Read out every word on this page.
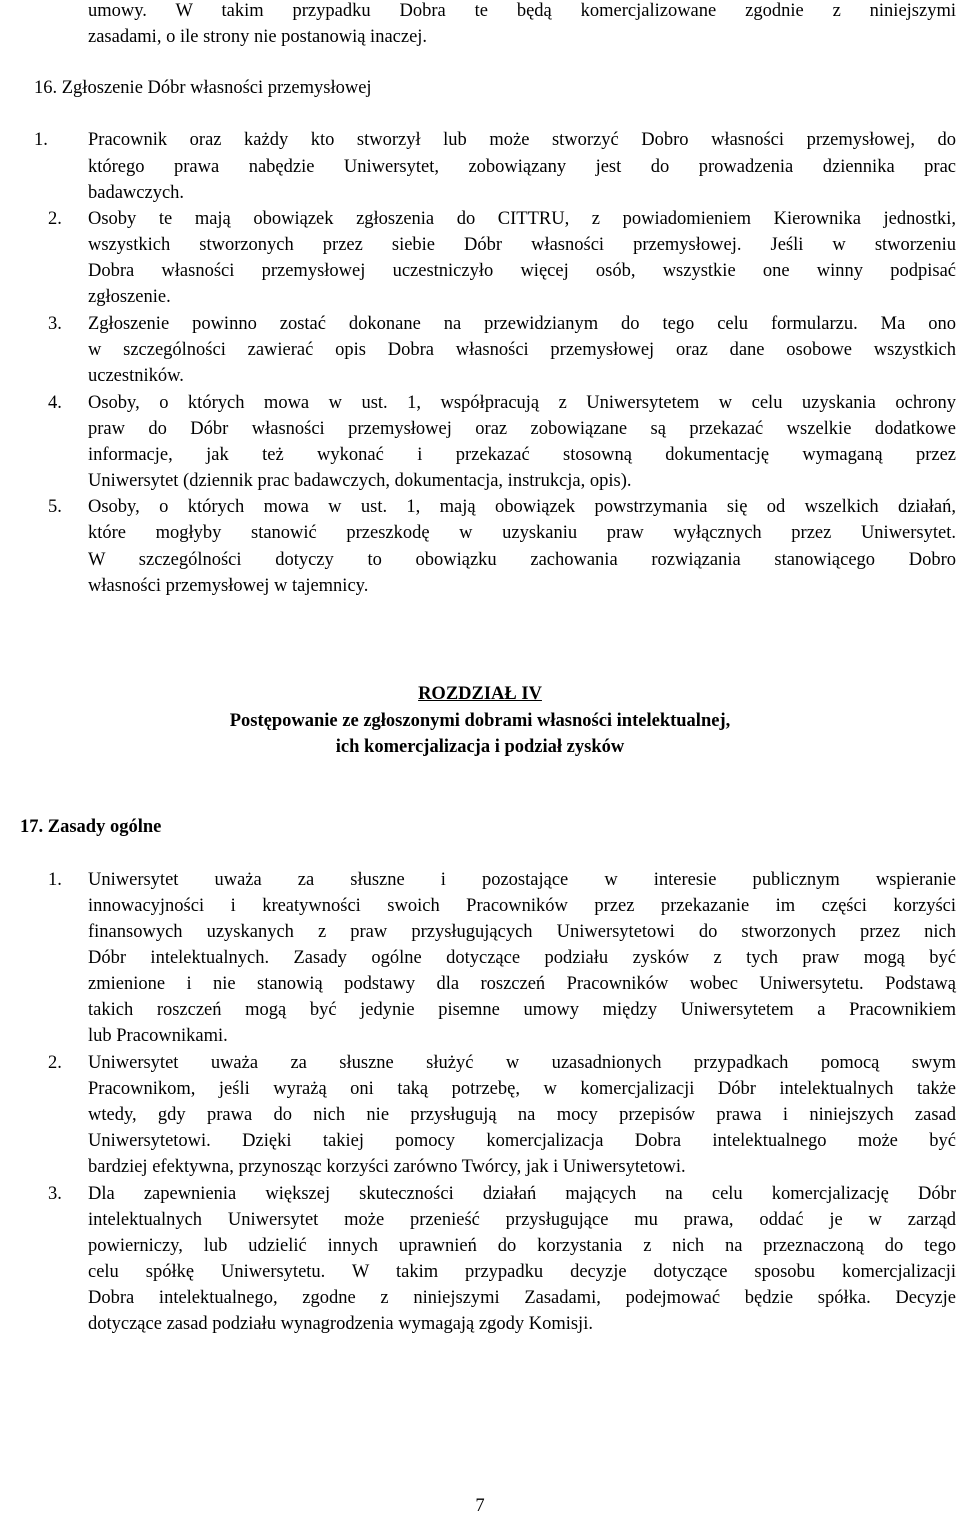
umowy. W takim przypadku Dobra te będą komercjalizowane zgodnie z niniejszymi
zasadami, o ile strony nie postanowią inaczej.
16. Zgłoszenie Dóbr własności przemysłowej
1. Pracownik oraz każdy kto stworzył lub może stworzyć Dobro własności przemysłowej, do
którego prawa nabędzie Uniwersytet, zobowiązany jest do prowadzenia dziennika prac
badawczych.
2. Osoby te mają obowiązek zgłoszenia do CITTRU, z powiadomieniem Kierownika jednostki,
wszystkich stworzonych przez siebie Dóbr własności przemysłowej. Jeśli w stworzeniu
Dobra własności przemysłowej uczestniczyło więcej osób, wszystkie one winny podpisać
zgłoszenie.
3. Zgłoszenie powinno zostać dokonane na przewidzianym do tego celu formularzu. Ma ono
w szczególności zawierać opis Dobra własności przemysłowej oraz dane osobowe wszystkich
uczestników.
4. Osoby, o których mowa w ust. 1, współpracują z Uniwersytetem w celu uzyskania ochrony
praw do Dóbr własności przemysłowej oraz zobowiązane są przekazać wszelkie dodatkowe
informacje, jak też wykonać i przekazać stosowną dokumentację wymaganą przez
Uniwersytet (dziennik prac badawczych, dokumentacja, instrukcja, opis).
5. Osoby, o których mowa w ust. 1, mają obowiązek powstrzymania się od wszelkich działań,
które mogłyby stanowić przeszkodę w uzyskaniu praw wyłącznych przez Uniwersytet.
W szczególności dotyczy to obowiązku zachowania rozwiązania stanowiącego Dobro
własności przemysłowej w tajemnicy.
ROZDZIAŁ IV
Postępowanie ze zgłoszonymi dobrami własności intelektualnej,
ich komercjalizacja i podział zysków
17. Zasady ogólne
1. Uniwersytet uważa za słuszne i pozostające w interesie publicznym wspieranie
innowacyjności i kreatywności swoich Pracowników przez przekazanie im części korzyści
finansowych uzyskanych z praw przysługujących Uniwersytetowi do stworzonych przez nich
Dóbr intelektualnych. Zasady ogólne dotyczące podziału zysków z tych praw mogą być
zmienione i nie stanowią podstawy dla roszczeń Pracowników wobec Uniwersytetu. Podstawą
takich roszczeń mogą być jedynie pisemne umowy między Uniwersytetem a Pracownikiem
lub Pracownikami.
2. Uniwersytet uważa za słuszne służyć w uzasadnionych przypadkach pomocą swym
Pracownikom, jeśli wyrażą oni taką potrzebę, w komercjalizacji Dóbr intelektualnych także
wtedy, gdy prawa do nich nie przysługują na mocy przepisów prawa i niniejszych zasad
Uniwersytetowi. Dzięki takiej pomocy komercjalizacja Dobra intelektualnego może być
bardziej efektywna, przynosząc korzyści zarówno Twórcy, jak i Uniwersytetowi.
3. Dla zapewnienia większej skuteczności działań mających na celu komercjalizację Dóbr
intelektualnych Uniwersytet może przenieść przysługujące mu prawa, oddać je w zarząd
powierniczy, lub udzielić innych uprawnień do korzystania z nich na przeznaczoną do tego
celu spółkę Uniwersytetu. W takim przypadku decyzje dotyczące sposobu komercjalizacji
Dobra intelektualnego, zgodne z niniejszymi Zasadami, podejmować będzie spółka. Decyzje
dotyczące zasad podziału wynagrodzenia wymagają zgody Komisji.
7
